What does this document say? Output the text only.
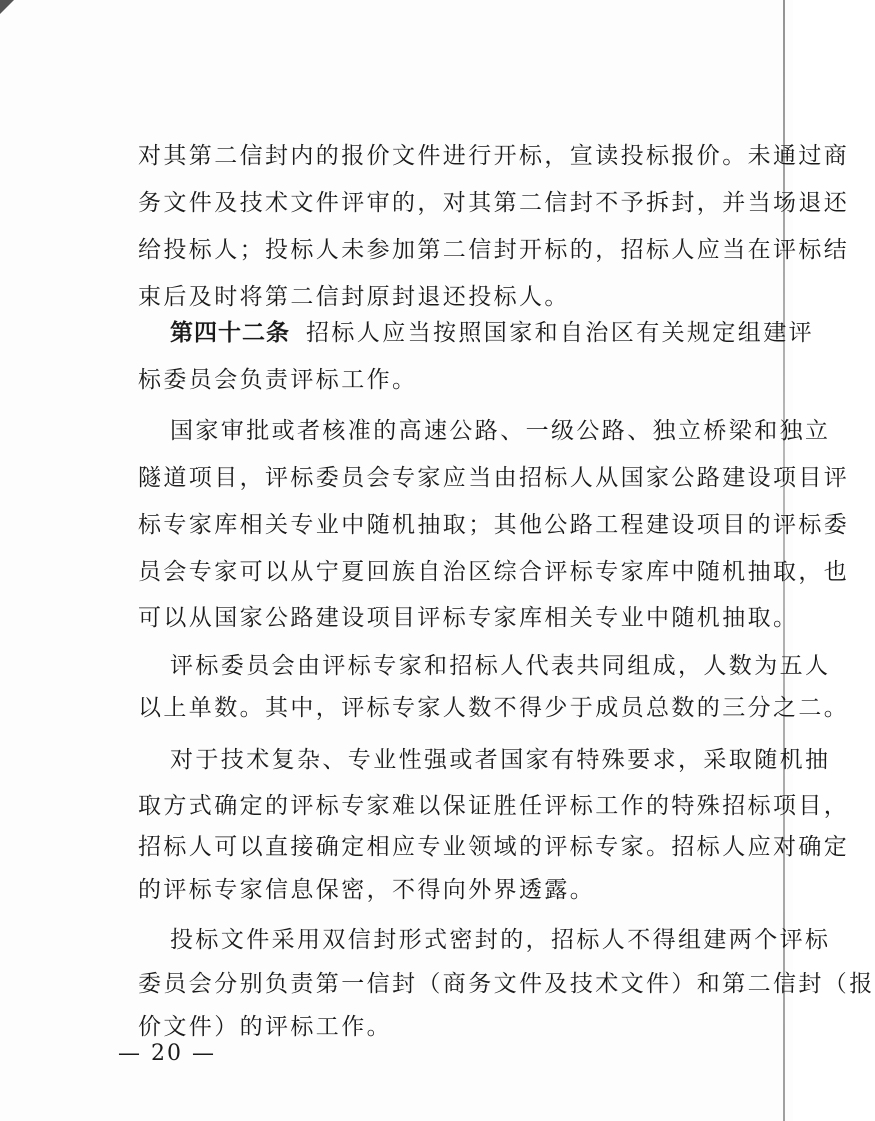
对其第二信封内的报价文件进行开标，宣读投标报价。未通过商
务文件及技术文件评审的，对其第二信封不予拆封，并当场退还
给投标人；投标人未参加第二信封开标的，招标人应当在评标结
束后及时将第二信封原封退还投标人。
第四十二条 招标人应当按照国家和自治区有关规定组建评
标委员会负责评标工作。
国家审批或者核准的高速公路、一级公路、独立桥梁和独立
隧道项目，评标委员会专家应当由招标人从国家公路建设项目评
标专家库相关专业中随机抽取；其他公路工程建设项目的评标委
员会专家可以从宁夏回族自治区综合评标专家库中随机抽取，也
可以从国家公路建设项目评标专家库相关专业中随机抽取。
评标委员会由评标专家和招标人代表共同组成，人数为五人
以上单数。其中，评标专家人数不得少于成员总数的三分之二。
对于技术复杂、专业性强或者国家有特殊要求，采取随机抽
取方式确定的评标专家难以保证胜任评标工作的特殊招标项目，
招标人可以直接确定相应专业领域的评标专家。招标人应对确定
的评标专家信息保密，不得向外界透露。
投标文件采用双信封形式密封的，招标人不得组建两个评标
委员会分别负责第一信封（商务文件及技术文件）和第二信封（报
价文件）的评标工作。
— 20 —
